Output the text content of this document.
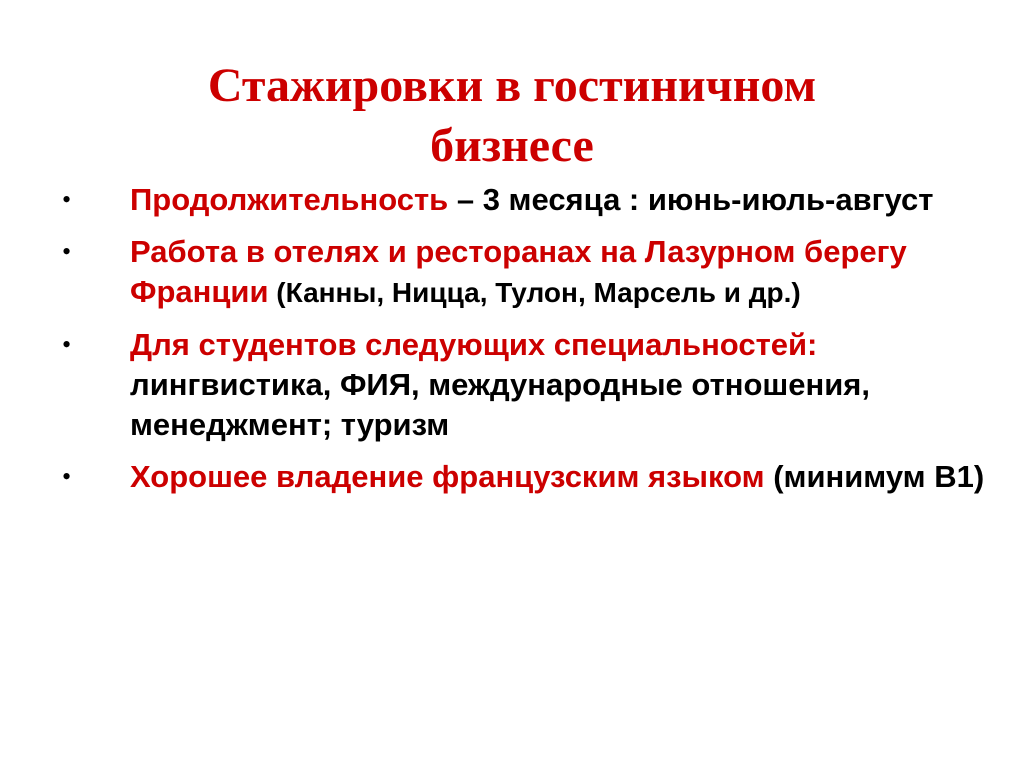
Стажировки в гостиничном
бизнесе
• Продолжительность – 3 месяца : июнь-июль-август
• Работа в отелях и ресторанах на Лазурном берегу Франции (Канны, Ницца, Тулон, Марсель и др.)
• Для студентов следующих специальностей: лингвистика, ФИЯ, международные отношения, менеджмент; туризм
• Хорошее владение французским языком (минимум В1)
